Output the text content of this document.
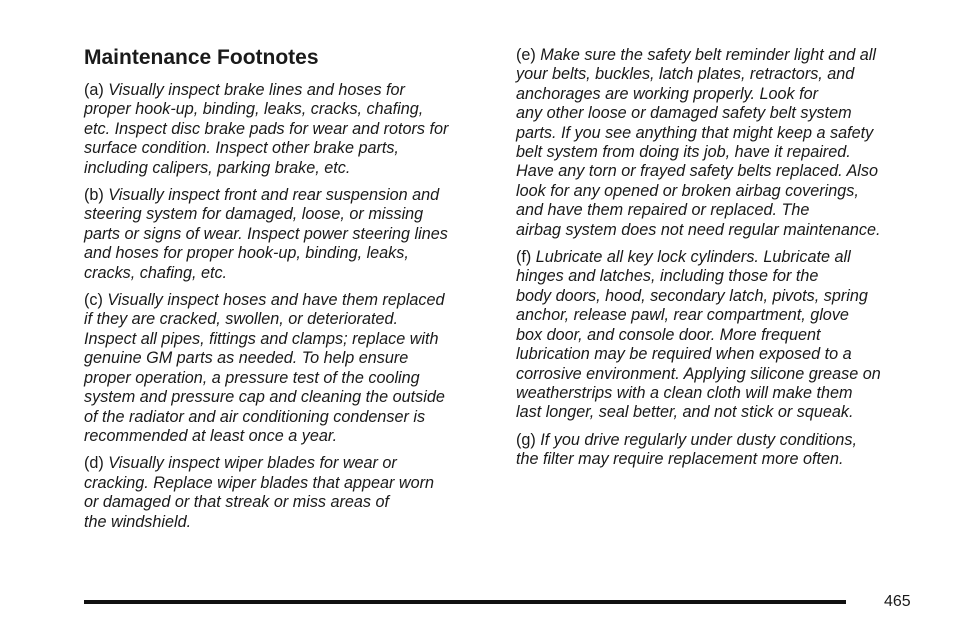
Maintenance Footnotes

(a) Visually inspect brake lines and hoses for
proper hook-up, binding, leaks, cracks, chafing,
etc. Inspect disc brake pads for wear and rotors for
surface condition. Inspect other brake parts,
including calipers, parking brake, etc.

(b) Visually inspect front and rear suspension and
steering system for damaged, loose, or missing
parts or signs of wear. Inspect power steering lines
and hoses for proper hook-up, binding, leaks,
cracks, chafing, etc.

(c) Visually inspect hoses and have them replaced
if they are cracked, swollen, or deteriorated.
Inspect all pipes, fittings and clamps; replace with
genuine GM parts as needed. To help ensure
proper operation, a pressure test of the cooling
system and pressure cap and cleaning the outside
of the radiator and air conditioning condenser is
recommended at least once a year.

(d) Visually inspect wiper blades for wear or
cracking. Replace wiper blades that appear worn
or damaged or that streak or miss areas of
the windshield.

(e) Make sure the safety belt reminder light and all
your belts, buckles, latch plates, retractors, and
anchorages are working properly. Look for
any other loose or damaged safety belt system
parts. If you see anything that might keep a safety
belt system from doing its job, have it repaired.
Have any torn or frayed safety belts replaced. Also
look for any opened or broken airbag coverings,
and have them repaired or replaced. The
airbag system does not need regular maintenance.

(f) Lubricate all key lock cylinders. Lubricate all
hinges and latches, including those for the
body doors, hood, secondary latch, pivots, spring
anchor, release pawl, rear compartment, glove
box door, and console door. More frequent
lubrication may be required when exposed to a
corrosive environment. Applying silicone grease on
weatherstrips with a clean cloth will make them
last longer, seal better, and not stick or squeak.

(g) If you drive regularly under dusty conditions,
the filter may require replacement more often.

465
